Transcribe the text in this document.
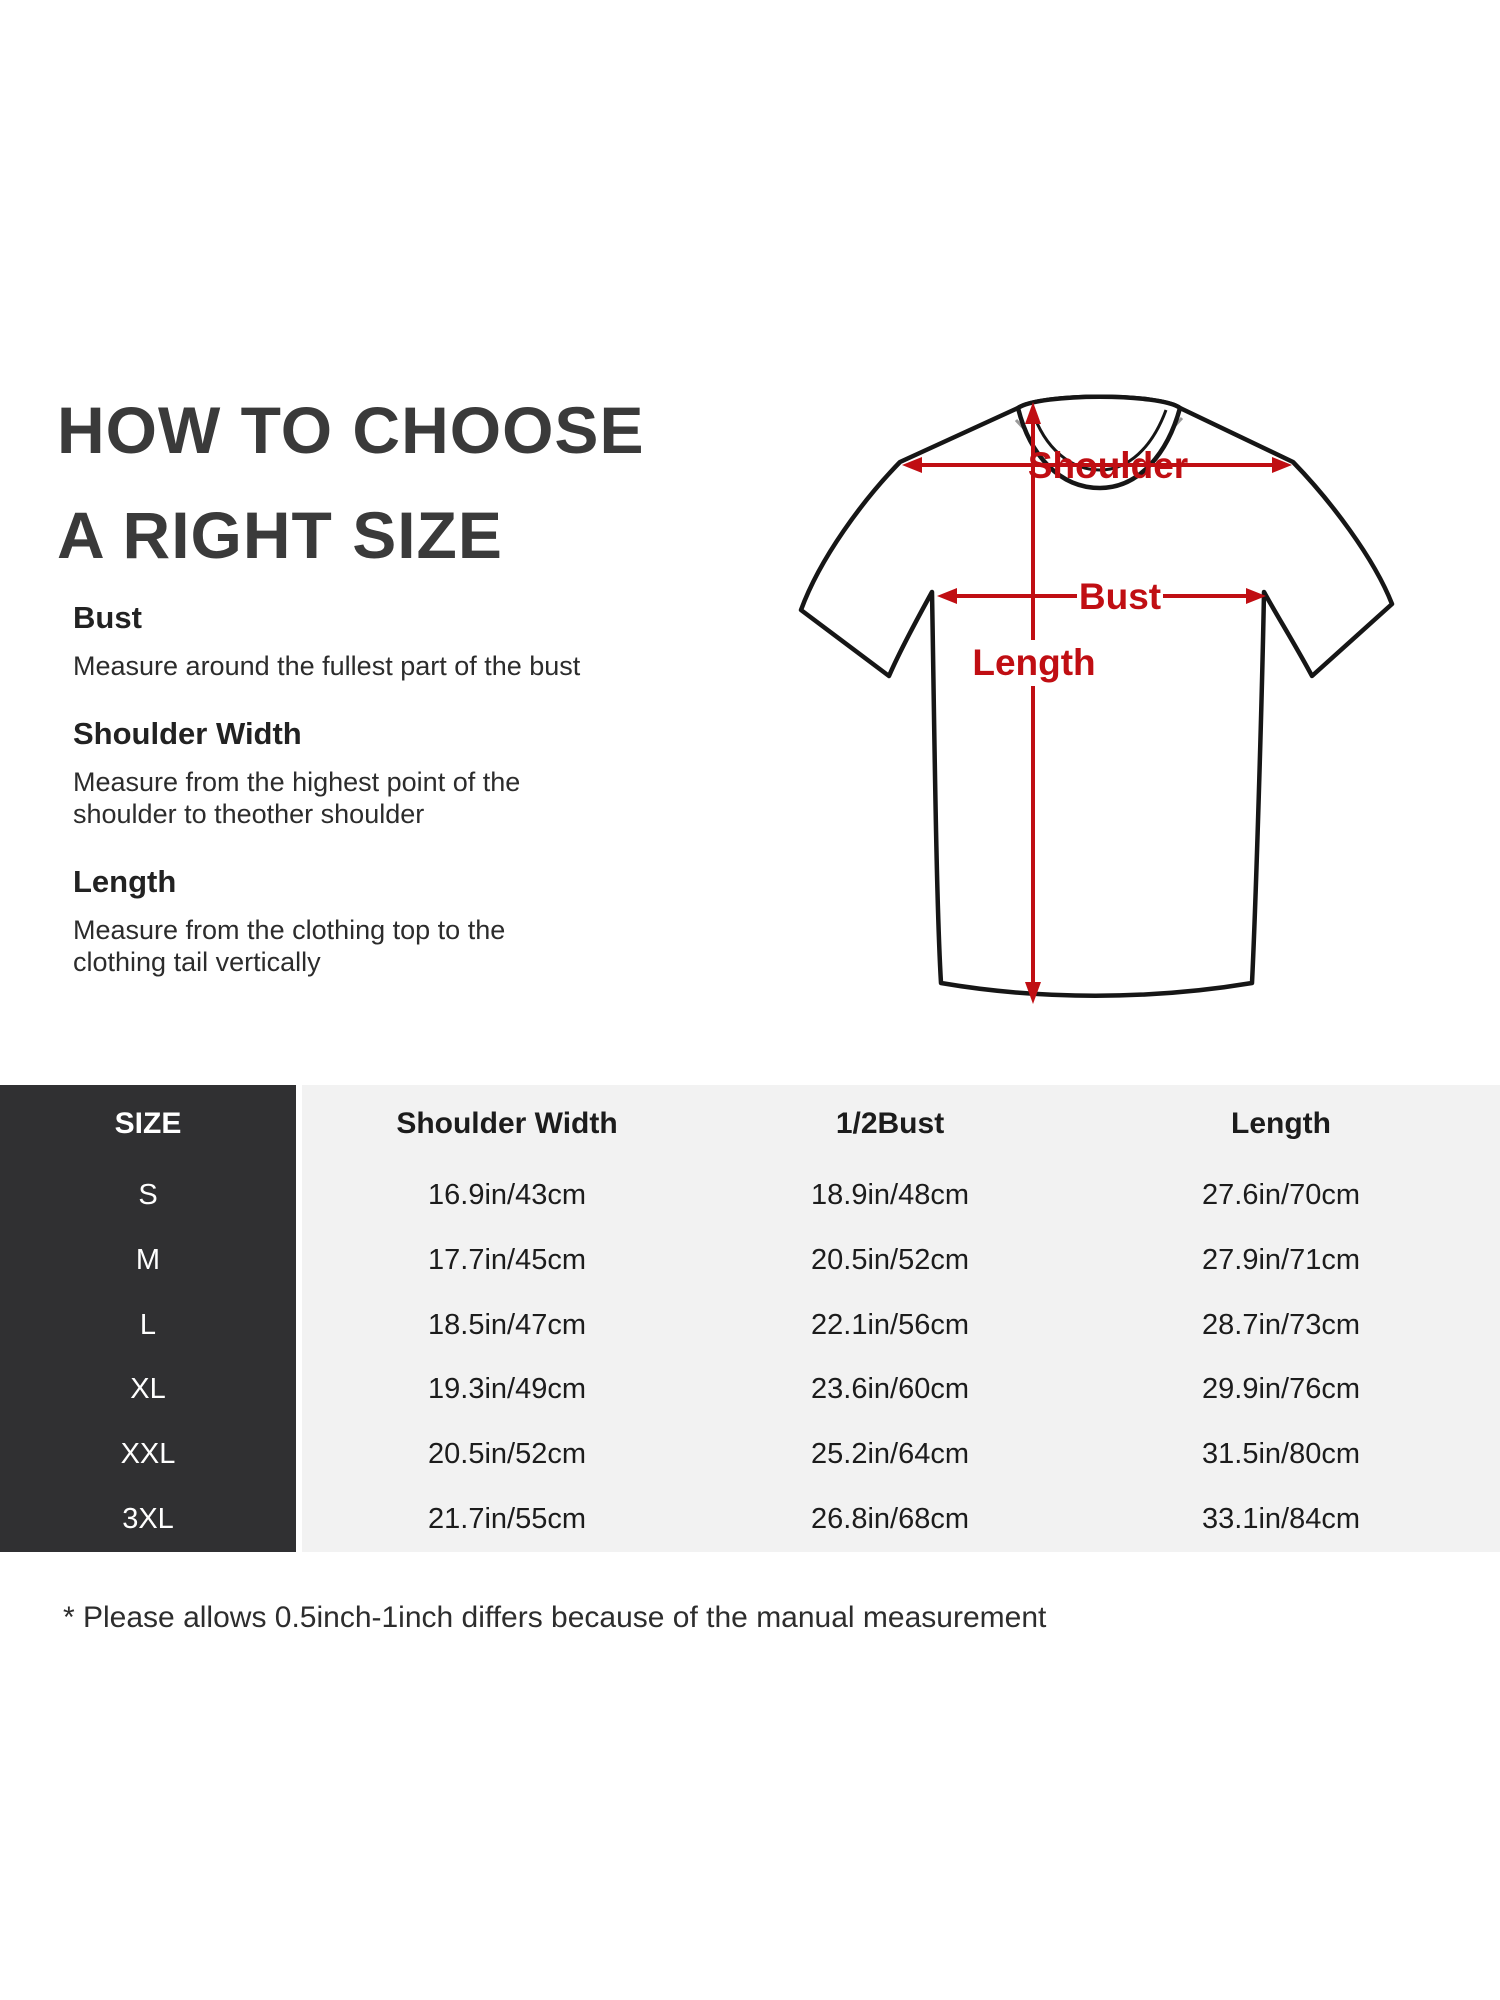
HOW TO CHOOSE
A RIGHT SIZE
Bust
Measure around the fullest part of the bust
Shoulder Width
Measure from the highest point of the
shoulder to theother shoulder
Length
Measure from the clothing top to the
clothing tail vertically
Shoulder
Bust
Length
SIZE	Shoulder Width	1/2Bust	Length
S	16.9in/43cm	18.9in/48cm	27.6in/70cm
M	17.7in/45cm	20.5in/52cm	27.9in/71cm
L	18.5in/47cm	22.1in/56cm	28.7in/73cm
XL	19.3in/49cm	23.6in/60cm	29.9in/76cm
XXL	20.5in/52cm	25.2in/64cm	31.5in/80cm
3XL	21.7in/55cm	26.8in/68cm	33.1in/84cm
* Please allows 0.5inch-1inch differs because of the manual measurement
